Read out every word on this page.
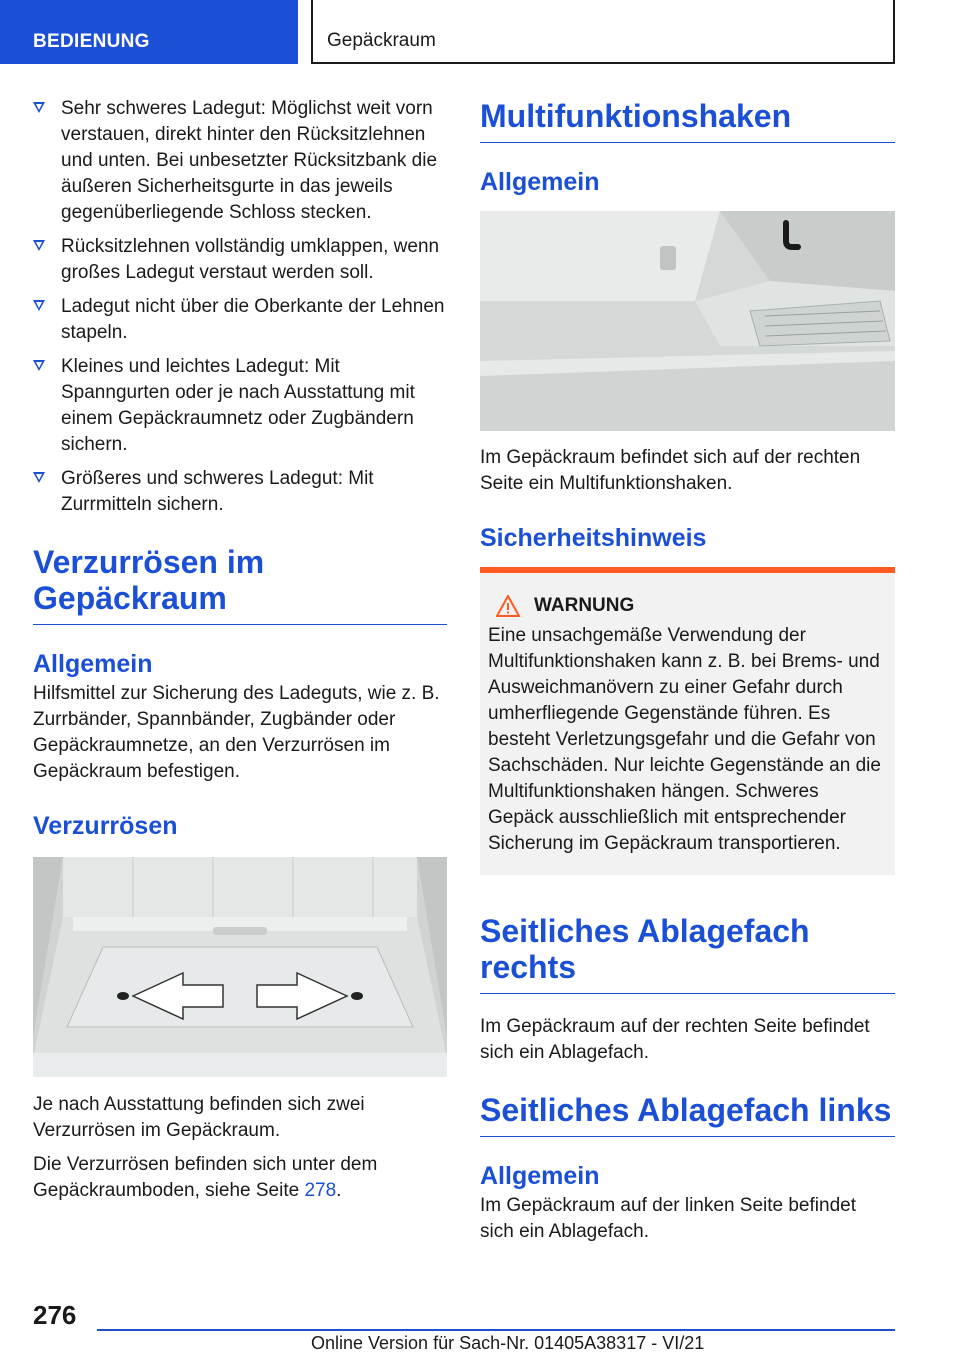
BEDIENUNG	Gepäckraum
Sehr schweres Ladegut: Möglichst weit vorn verstauen, direkt hinter den Rücksitzlehnen und unten. Bei unbesetzter Rücksitzbank die äußeren Sicherheitsgurte in das jeweils gegenüberliegende Schloss stecken.
Rücksitzlehnen vollständig umklappen, wenn großes Ladegut verstaut werden soll.
Ladegut nicht über die Oberkante der Lehnen stapeln.
Kleines und leichtes Ladegut: Mit Spanngurten oder je nach Ausstattung mit einem Gepäckraumnetz oder Zugbändern sichern.
Größeres und schweres Ladegut: Mit Zurrmitteln sichern.
Verzurrösen im Gepäckraum
Allgemein

Hilfsmittel zur Sicherung des Ladeguts, wie z. B. Zurrbänder, Spannbänder, Zugbänder oder Gepäckraumnetze, an den Verzurrösen im Gepäckraum befestigen.

Verzurrösen

Je nach Ausstattung befinden sich zwei Verzurrösen im Gepäckraum.

Die Verzurrösen befinden sich unter dem Gepäckraumboden, siehe Seite 278.

Multifunktionshaken
Allgemein

Im Gepäckraum befindet sich auf der rechten Seite ein Multifunktionshaken.

Sicherheitshinweis
WARNUNG

Eine unsachgemäße Verwendung der Multifunktionshaken kann z. B. bei Brems- und Ausweichmanövern zu einer Gefahr durch umherfliegende Gegenstände führen. Es besteht Verletzungsgefahr und die Gefahr von Sachschäden. Nur leichte Gegenstände an die Multifunktionshaken hängen. Schweres Gepäck ausschließlich mit entsprechender Sicherung im Gepäckraum transportieren.

Seitliches Ablagefach rechts

Im Gepäckraum auf der rechten Seite befindet sich ein Ablagefach.

Seitliches Ablagefach links
Allgemein

Im Gepäckraum auf der linken Seite befindet sich ein Ablagefach.

276
Online Version für Sach-Nr. 01405A38317 - VI/21
